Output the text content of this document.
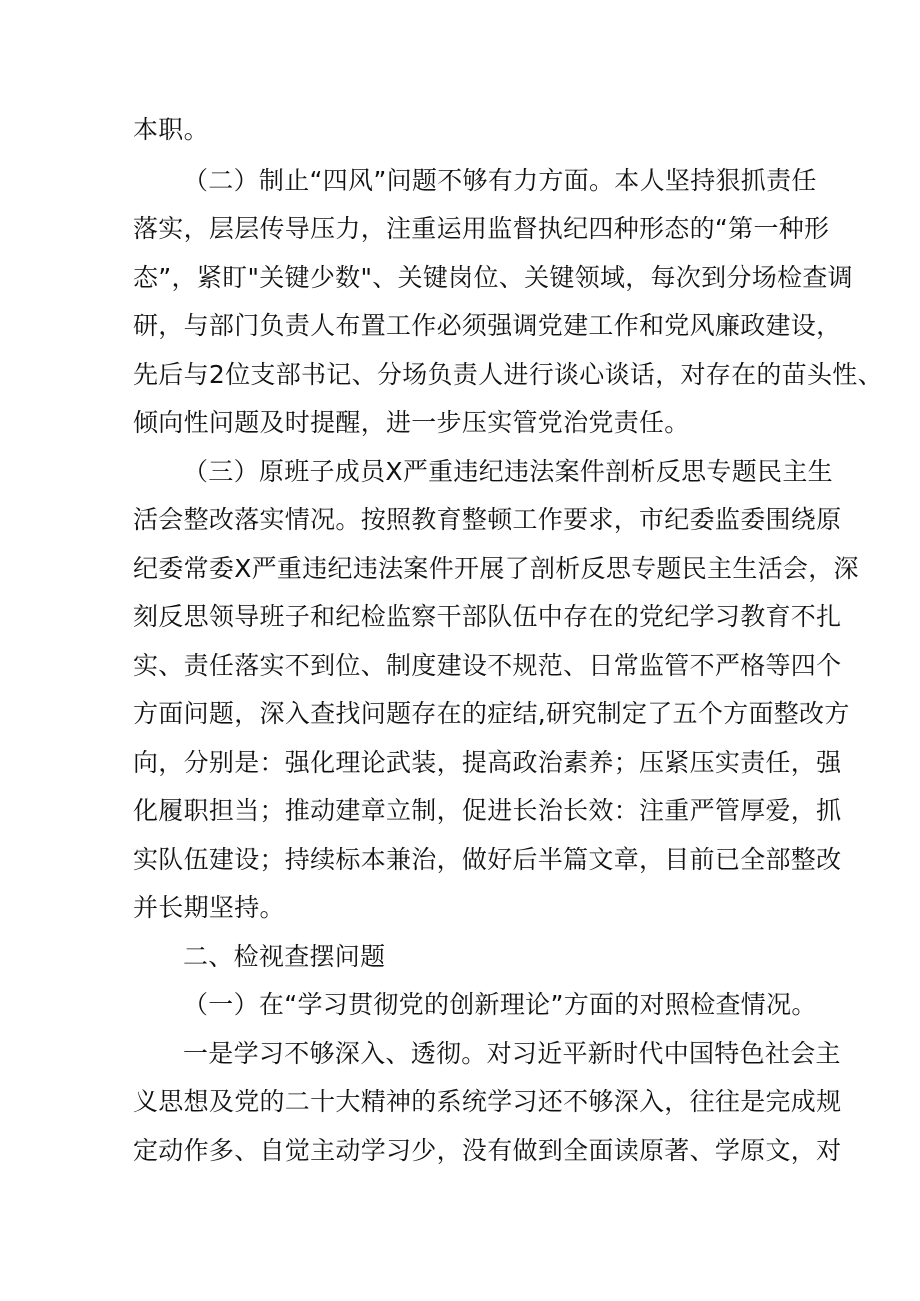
本职。
（二）制止“四风”问题不够有力方面。本人坚持狠抓责任
落实，层层传导压力，注重运用监督执纪四种形态的“第一种形
态”，紧盯"关键少数"、关键岗位、关键领域，每次到分场检查调
研，与部门负责人布置工作必须强调党建工作和党风廉政建设，
先后与2位支部书记、分场负责人进行谈心谈话，对存在的苗头性、
倾向性问题及时提醒，进一步压实管党治党责任。
（三）原班子成员X严重违纪违法案件剖析反思专题民主生
活会整改落实情况。按照教育整顿工作要求，市纪委监委围绕原
纪委常委X严重违纪违法案件开展了剖析反思专题民主生活会，深
刻反思领导班子和纪检监察干部队伍中存在的党纪学习教育不扎
实、责任落实不到位、制度建设不规范、日常监管不严格等四个
方面问题，深入查找问题存在的症结,研究制定了五个方面整改方
向，分别是：强化理论武装，提高政治素养；压紧压实责任，强
化履职担当；推动建章立制，促进长治长效：注重严管厚爱，抓
实队伍建设；持续标本兼治，做好后半篇文章，目前已全部整改
并长期坚持。
二、检视查摆问题
（一）在“学习贯彻党的创新理论”方面的对照检查情况。
一是学习不够深入、透彻。对习近平新时代中国特色社会主
义思想及党的二十大精神的系统学习还不够深入，往往是完成规
定动作多、自觉主动学习少，没有做到全面读原著、学原文，对
